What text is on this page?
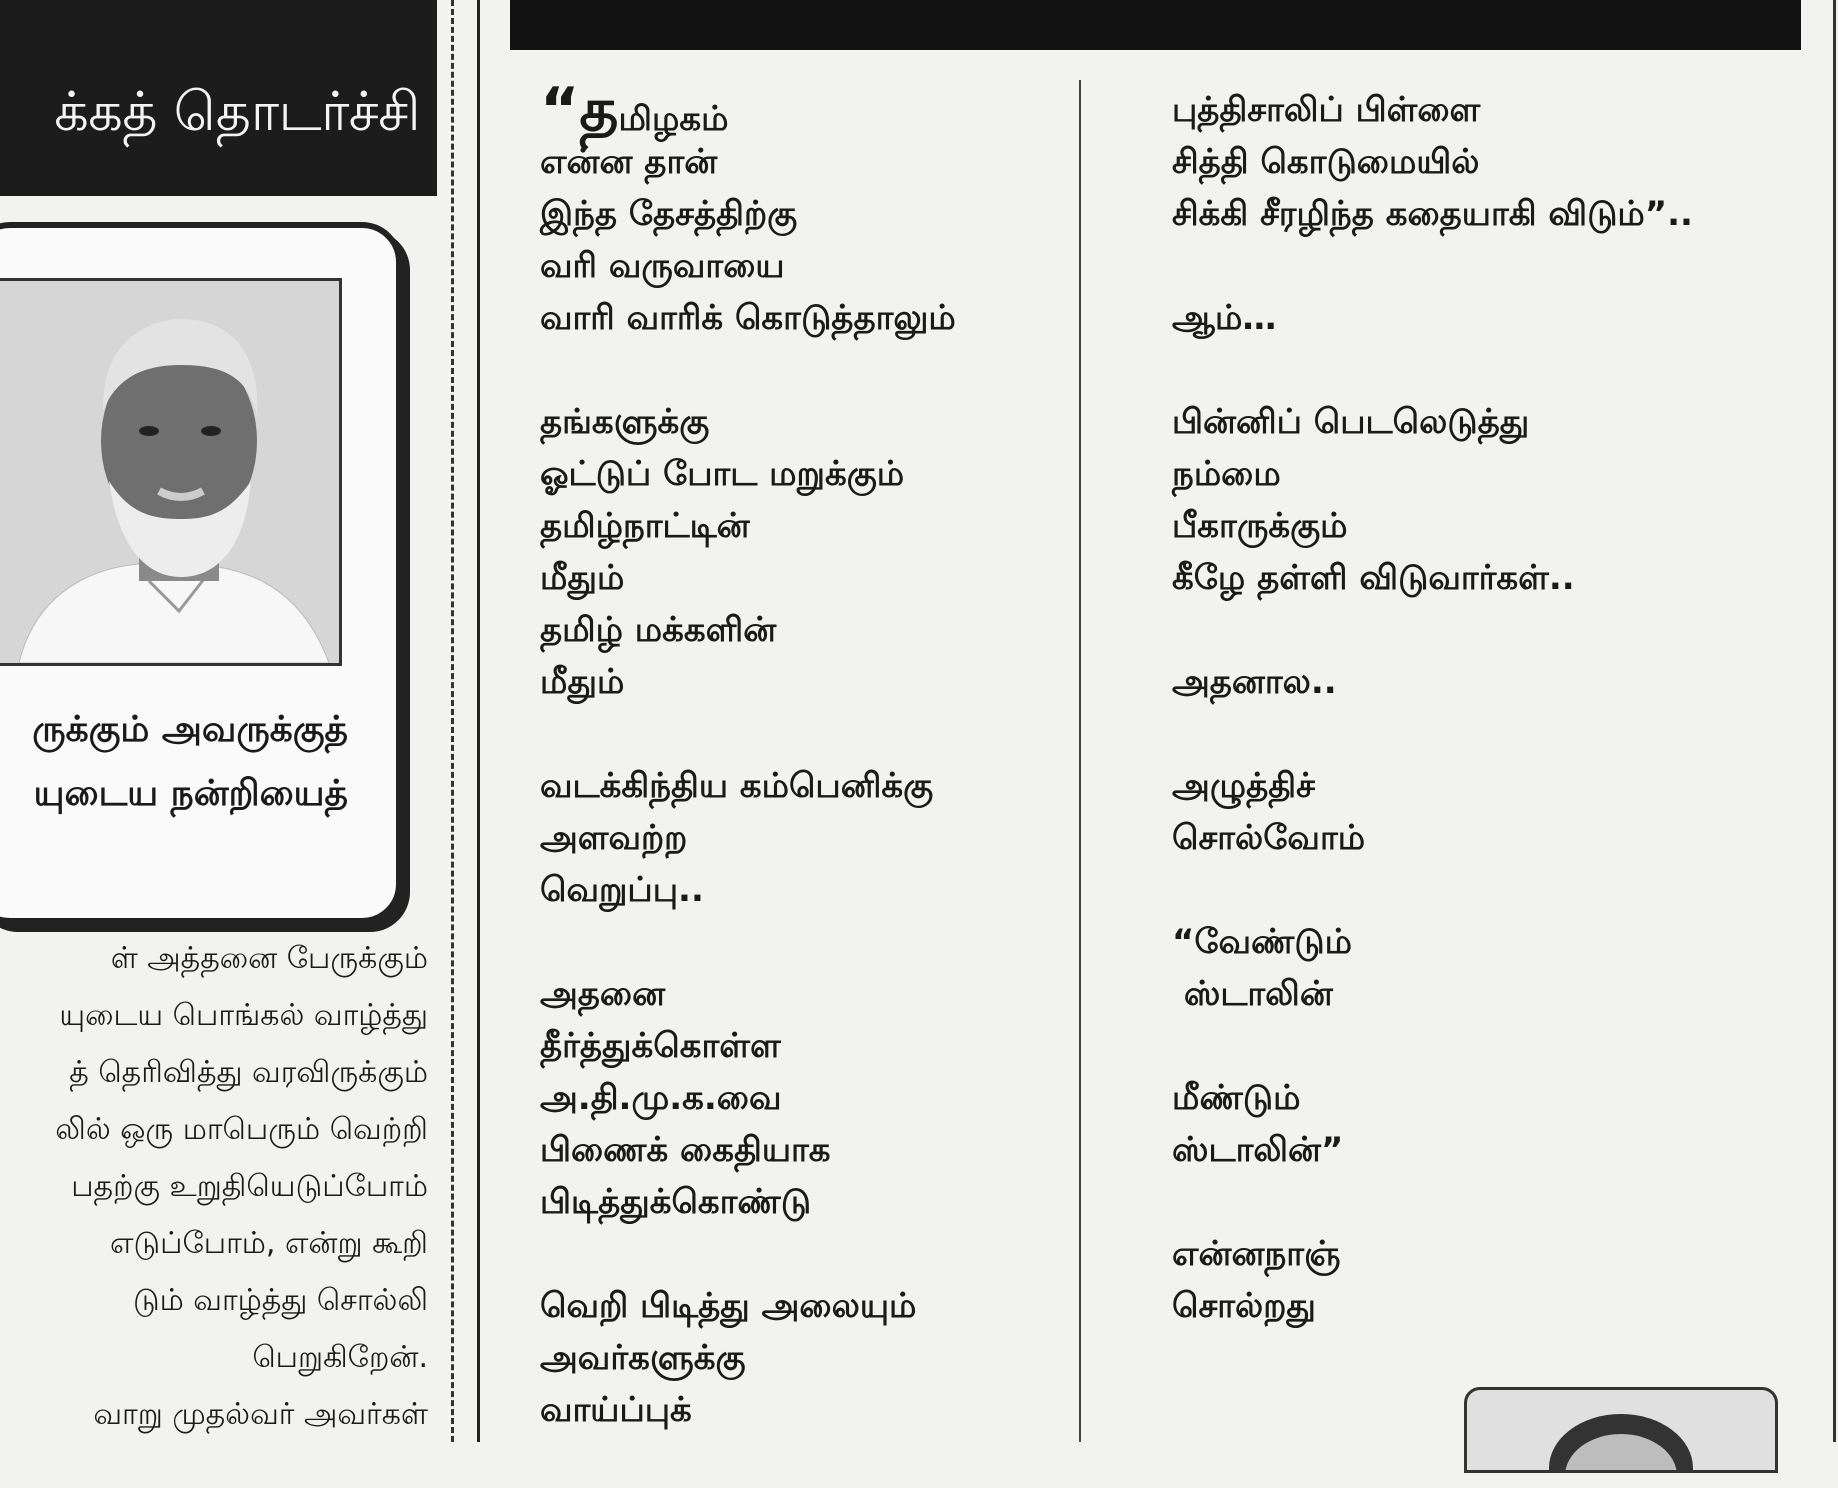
க்கத் தொடர்ச்சி
ருக்கும் அவருக்குத்
யுடைய நன்றியைத்
ள் அத்தனை பேருக்கும்
யுடைய பொங்கல் வாழ்த்து
த் தெரிவித்து வரவிருக்கும்
லில் ஒரு மாபெரும் வெற்றி
பதற்கு உறுதியெடுப்போம்
எடுப்போம், என்று கூறி
டும் வாழ்த்து சொல்லி
பெறுகிறேன்.
வாறு முதல்வர் அவர்கள்
“தமிழகம்
என்ன தான்
இந்த தேசத்திற்கு
வரி வருவாயை
வாரி வாரிக் கொடுத்தாலும்
தங்களுக்கு
ஓட்டுப் போட மறுக்கும்
தமிழ்நாட்டின்
மீதும்
தமிழ் மக்களின்
மீதும்
வடக்கிந்திய கம்பெனிக்கு
அளவற்ற
வெறுப்பு..
அதனை
தீர்த்துக்கொள்ள
அ.தி.மு.க.வை
பிணைக் கைதியாக
பிடித்துக்கொண்டு
வெறி பிடித்து அலையும்
அவர்களுக்கு
வாய்ப்புக்
புத்திசாலிப் பிள்ளை
சித்தி கொடுமையில்
சிக்கி சீரழிந்த கதையாகி விடும்”..
ஆம்…
பின்னிப் பெடலெடுத்து
நம்மை
பீகாருக்கும்
கீழே தள்ளி விடுவார்கள்..
அதனால..
அழுத்திச்
சொல்வோம்
“வேண்டும்
ஸ்டாலின்
மீண்டும்
ஸ்டாலின்”
என்னநாஞ்
சொல்றது
